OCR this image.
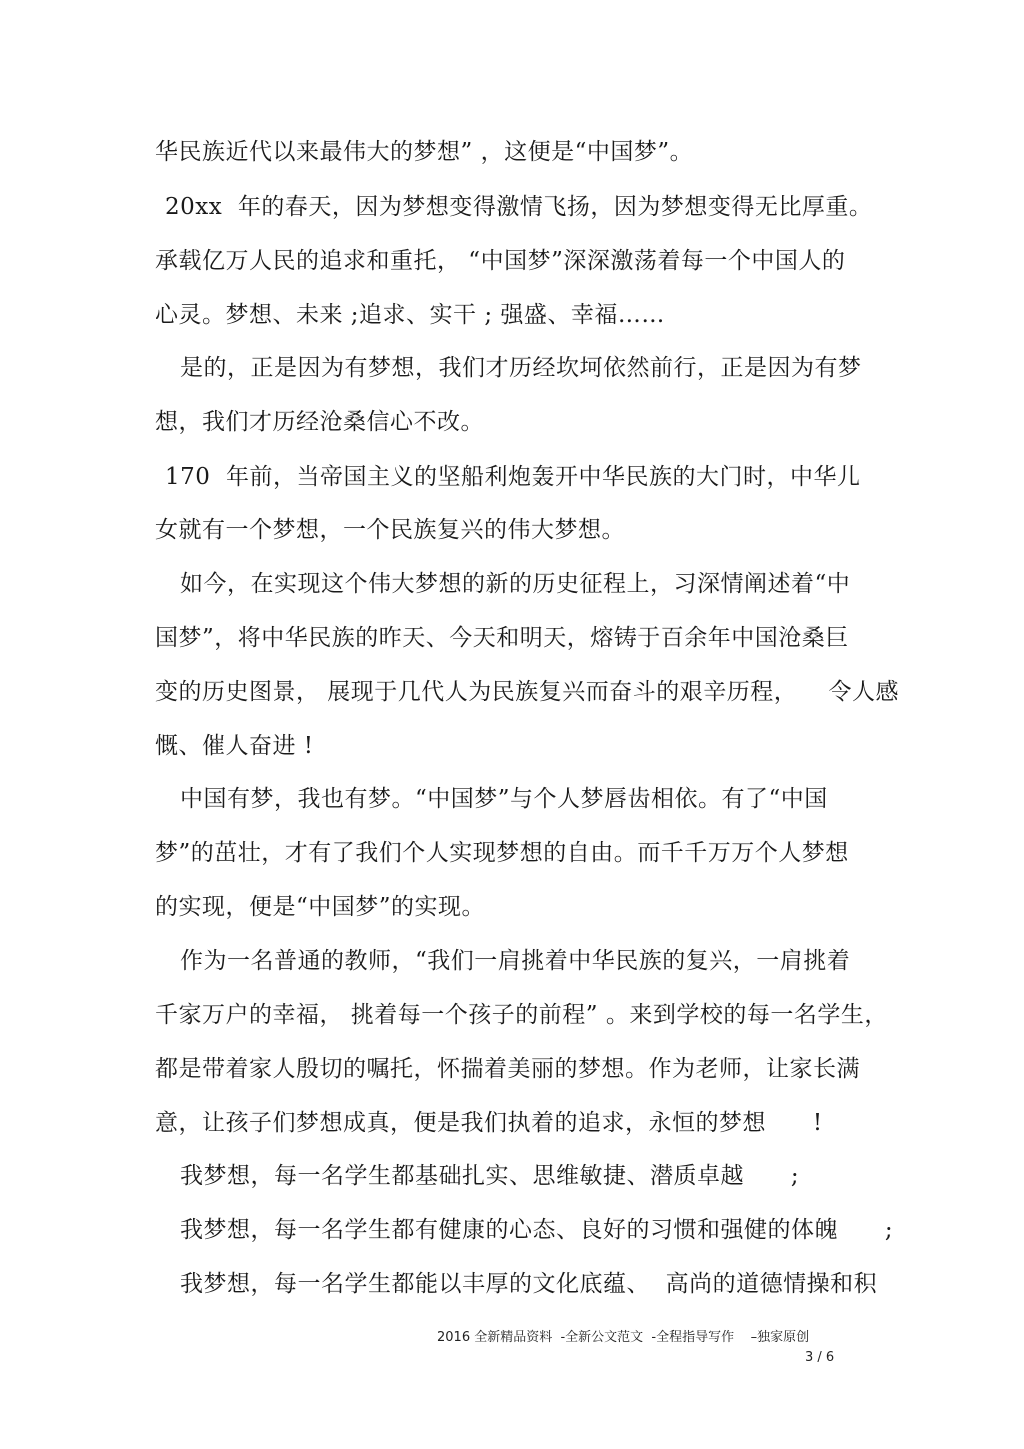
华民族近代以来最伟大的梦想” ，这便是“中国梦”。
20xx  年的春天，因为梦想变得激情飞扬，因为梦想变得无比厚重。
承载亿万人民的追求和重托， “中国梦”深深激荡着每一个中国人的
心灵。梦想、未来 ;追求、实干 ; 强盛、幸福……
是的，正是因为有梦想，我们才历经坎坷依然前行，正是因为有梦
想，我们才历经沧桑信心不改。
170  年前，当帝国主义的坚船利炮轰开中华民族的大门时，中华儿
女就有一个梦想，一个民族复兴的伟大梦想。
如今，在实现这个伟大梦想的新的历史征程上，习深情阐述着“中
国梦”，将中华民族的昨天、今天和明天，熔铸于百余年中国沧桑巨
变的历史图景， 展现于几代人为民族复兴而奋斗的艰辛历程，    令人感
慨、催人奋进 !
中国有梦，我也有梦。“中国梦”与个人梦唇齿相依。有了“中国
梦”的茁壮，才有了我们个人实现梦想的自由。而千千万万个人梦想
的实现，便是“中国梦”的实现。
作为一名普通的教师，“我们一肩挑着中华民族的复兴，一肩挑着
千家万户的幸福， 挑着每一个孩子的前程” 。来到学校的每一名学生，
都是带着家人殷切的嘱托，怀揣着美丽的梦想。作为老师，让家长满
意，让孩子们梦想成真，便是我们执着的追求，永恒的梦想      !
我梦想，每一名学生都基础扎实、思维敏捷、潜质卓越      ;
我梦想，每一名学生都有健康的心态、良好的习惯和强健的体魄      ;
我梦想，每一名学生都能以丰厚的文化底蕴、  高尚的道德情操和积
2016 全新精品资料  -全新公文范文  -全程指导写作    –独家原创
3 / 6
